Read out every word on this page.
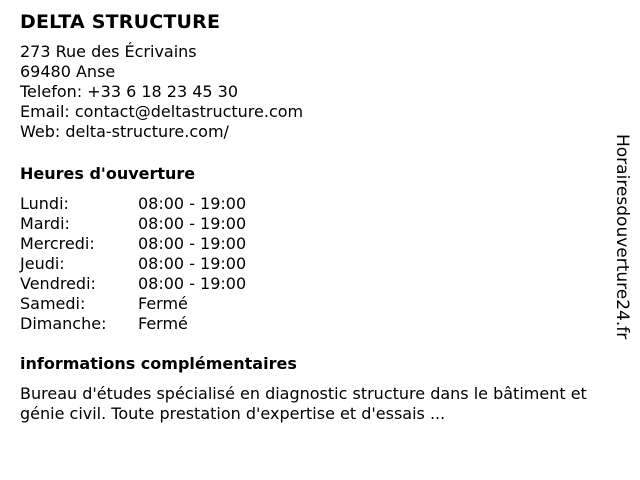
DELTA STRUCTURE
273 Rue des Écrivains
69480 Anse
Telefon: +33 6 18 23 45 30
Email: contact@deltastructure.com
Web: delta-structure.com/
Heures d'ouverture
Lundi:	08:00 - 19:00
Mardi:	08:00 - 19:00
Mercredi:	08:00 - 19:00
Jeudi:	08:00 - 19:00
Vendredi:	08:00 - 19:00
Samedi:	Fermé
Dimanche:	Fermé
informations complémentaires
Bureau d'études spécialisé en diagnostic structure dans le bâtiment et génie civil. Toute prestation d'expertise et d'essais ...
Horairesdouverture24.fr
